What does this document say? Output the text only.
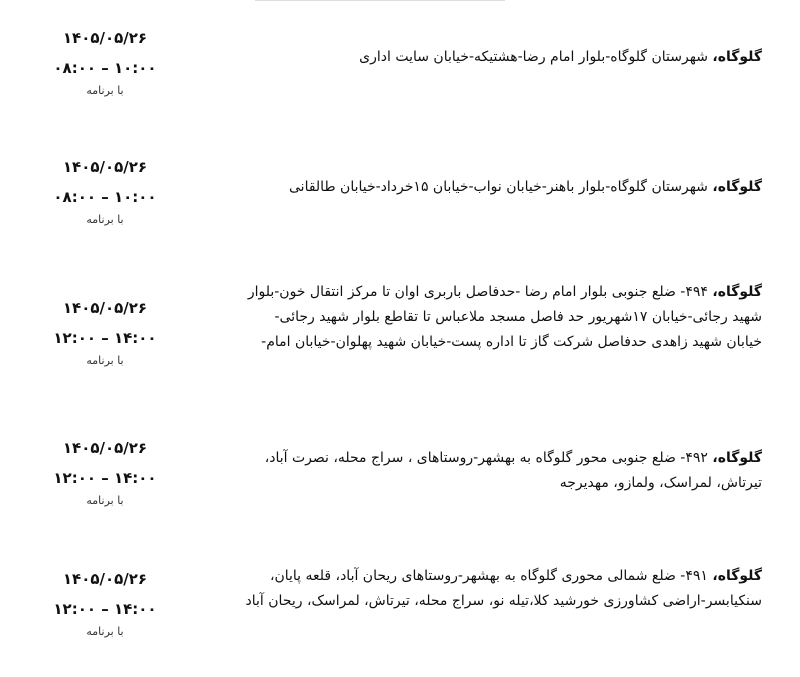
۱۴۰۵/۰۵/۲۶
۰۸:۰۰ – ۱۰:۰۰
با برنامه
گلوگاه، شهرستان گلوگاه-بلوار امام رضا-هشتیکه-خیابان سایت اداری
۱۴۰۵/۰۵/۲۶
۰۸:۰۰ – ۱۰:۰۰
با برنامه
گلوگاه، شهرستان گلوگاه-بلوار باهنر-خیابان نواب-خیابان ۱۵خرداد-خیابان طالقانی
۱۴۰۵/۰۵/۲۶
۱۲:۰۰ – ۱۴:۰۰
با برنامه
گلوگاه، ۴۹۴- ضلع جنوبی بلوار امام رضا -حدفاصل باربری اوان تا مرکز انتقال خون-بلوار شهید رجائی-خیابان ۱۷شهریور حد فاصل مسجد ملاعباس تا تقاطع بلوار شهید رجائی-خیابان شهید زاهدی حدفاصل شرکت گاز تا اداره پست-خیابان شهید پهلوان-خیابان امام-
۱۴۰۵/۰۵/۲۶
۱۲:۰۰ – ۱۴:۰۰
با برنامه
گلوگاه، ۴۹۲- ضلع جنوبی محور گلوگاه به بهشهر-روستاهای ، سراج محله، نصرت آباد، تیرتاش، لمراسک، ولمازو، مهدیرجه
۱۴۰۵/۰۵/۲۶
۱۲:۰۰ – ۱۴:۰۰
با برنامه
گلوگاه، ۴۹۱- ضلع شمالی محوری گلوگاه به بهشهر-روستاهای ریحان آباد، قلعه پایان، سنکیابسر-اراضی کشاورزی خورشید کلا،تیله نو، سراج محله، تیرتاش، لمراسک، ریحان آباد
